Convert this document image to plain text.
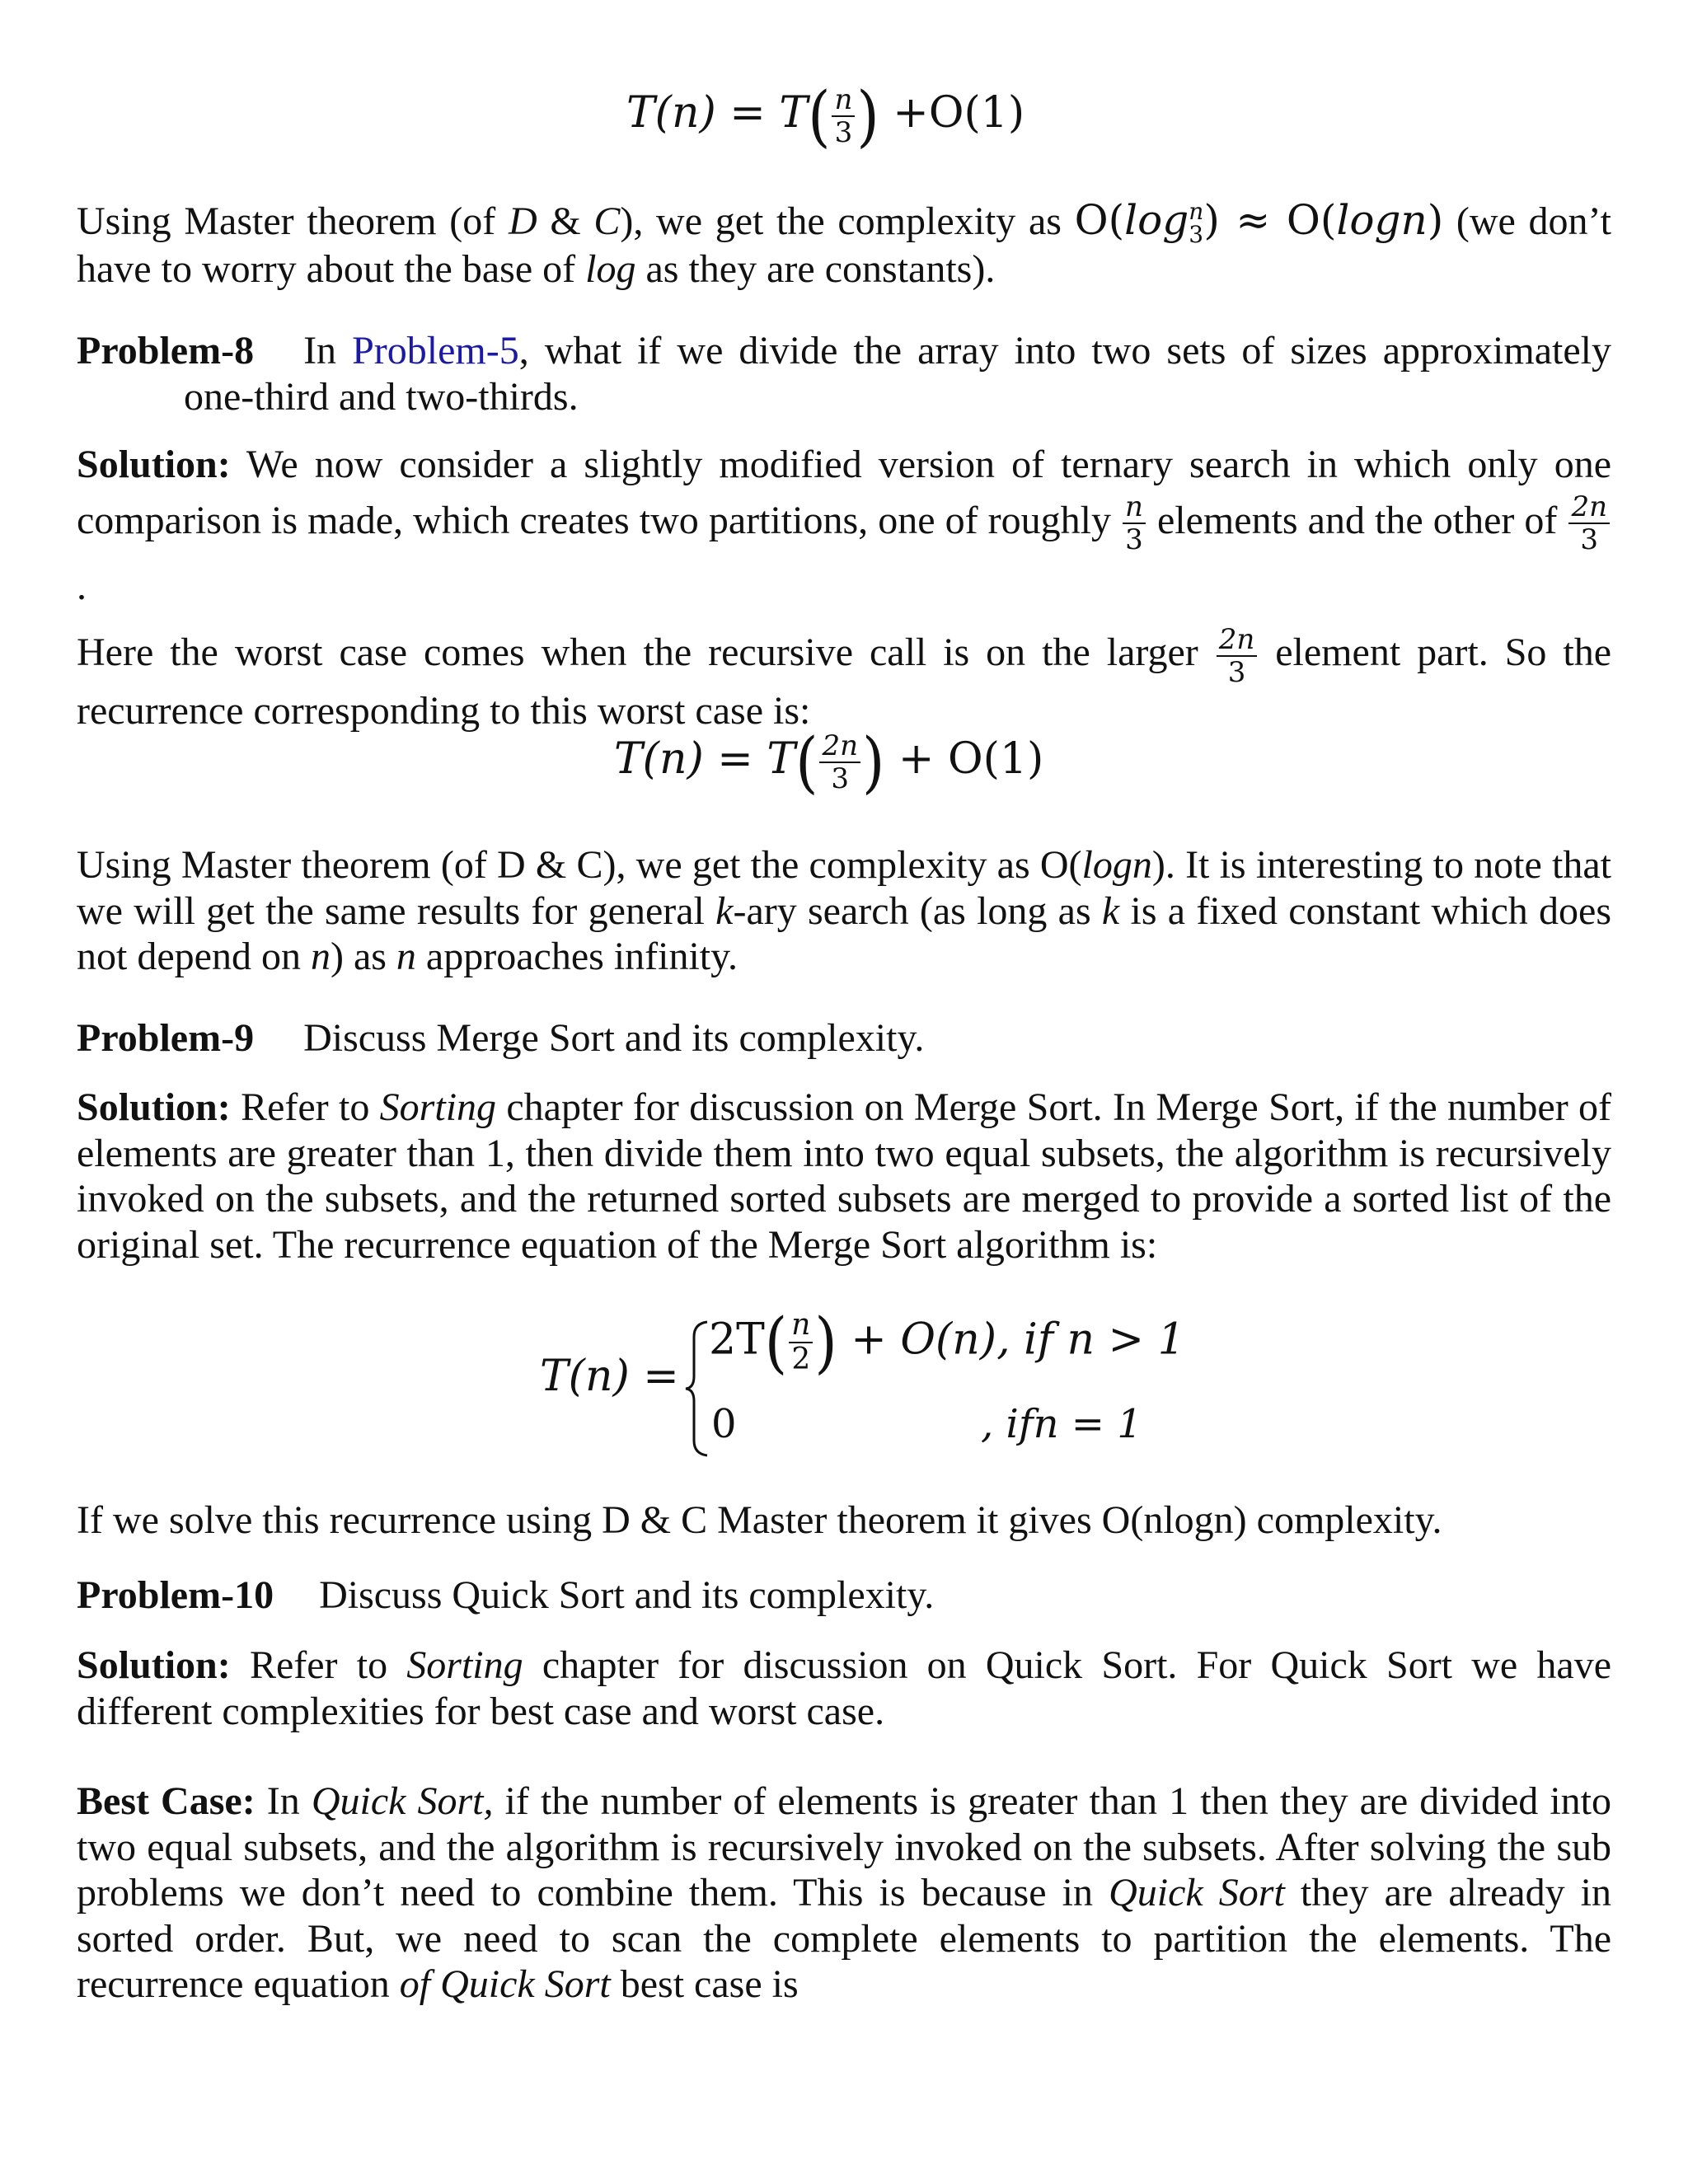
$T(n) = T( \frac{n}{3}$ ) +O(1)

Using Master theorem (of D & C), we get the complexity as O(log n
3 ) ≈ O(logn) (we don’t have to worry about the base of log as they are constants).

Problem-8 In Problem-5, what if we divide the array into two sets of sizes approximately

one-third and two-thirds.

Solution: We now consider a slightly modified version of ternary search in which only one

comparison is made, which creates two partitions, one of roughly $\frac{n}{3}$ elements and the other of $\frac{2n}{3}$
.

Here the worst case comes when the recursive call is on the larger $\frac{2n}{3}$ element part. So the

recurrence corresponding to this worst case is:

$T(n) = T( \frac{2n}{3}$ ) + O(1)

Using Master theorem (of D & C), we get the complexity as O(logn). It is interesting to note that we will get the same results for general k-ary search (as long as k is a fixed constant which does not depend on n) as n approaches infinity.

Problem-9 Discuss Merge Sort and its complexity.

Solution: Refer to Sorting chapter for discussion on Merge Sort. In Merge Sort, if the number of elements are greater than 1, then divide them into two equal subsets, the algorithm is recursively invoked on the subsets, and the returned sorted subsets are merged to provide a sorted list of the original set. The recurrence equation of the Merge Sort algorithm is:

T(n) =
$2T( \frac{n}{2}$ ) + O(n), if n > 1
0	, ifn = 1

If we solve this recurrence using D & C Master theorem it gives O(nlogn) complexity.

Problem-10 Discuss Quick Sort and its complexity.

Solution: Refer to Sorting chapter for discussion on Quick Sort. For Quick Sort we have different complexities for best case and worst case.

Best Case: In Quick Sort, if the number of elements is greater than 1 then they are divided into two equal subsets, and the algorithm is recursively invoked on the subsets. After solving the sub problems we don’t need to combine them. This is because in Quick Sort they are already in sorted order. But, we need to scan the complete elements to partition the elements. The recurrence equation of Quick Sort best case is
